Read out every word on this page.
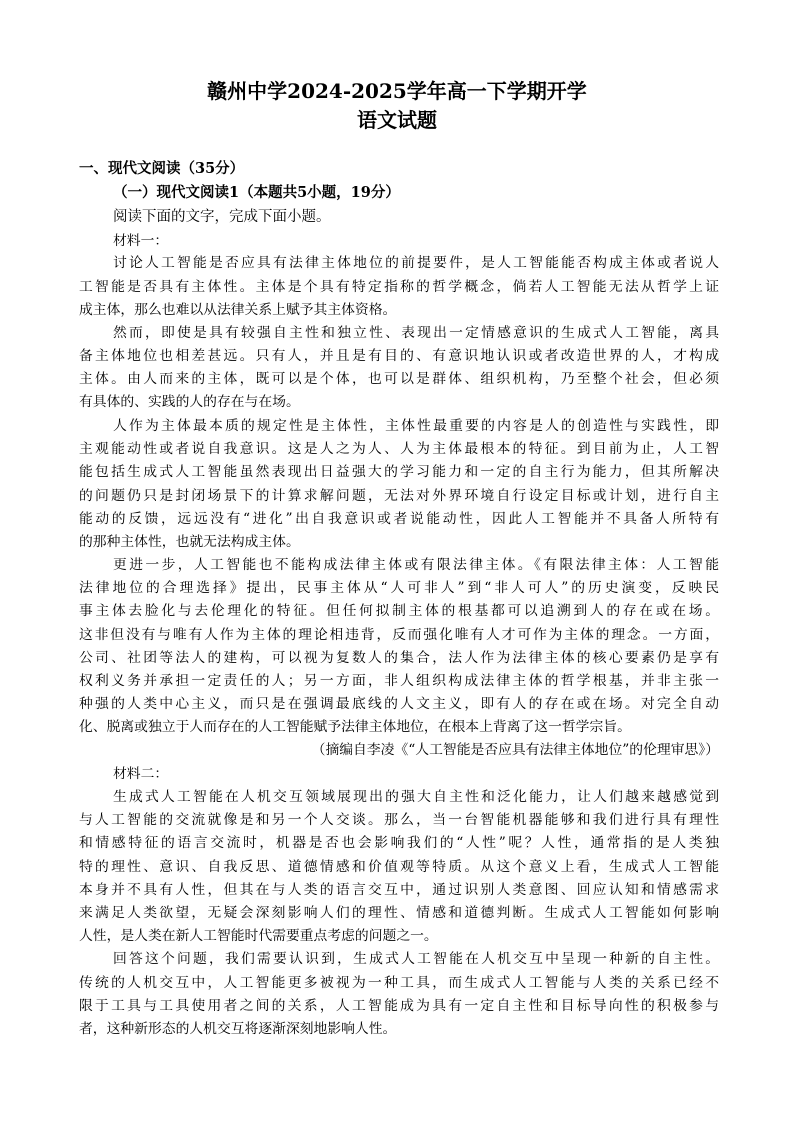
赣州中学2024-2025学年高一下学期开学
语文试题
一、现代文阅读（35分）
（一）现代文阅读1（本题共5小题，19分）
阅读下面的文字，完成下面小题。
材料一：
讨论人工智能是否应具有法律主体地位的前提要件，是人工智能能否构成主体或者说人
工智能是否具有主体性。主体是个具有特定指称的哲学概念，倘若人工智能无法从哲学上证
成主体，那么也难以从法律关系上赋予其主体资格。
然而，即使是具有较强自主性和独立性、表现出一定情感意识的生成式人工智能，离具
备主体地位也相差甚远。只有人，并且是有目的、有意识地认识或者改造世界的人，才构成
主体。由人而来的主体，既可以是个体，也可以是群体、组织机构，乃至整个社会，但必须
有具体的、实践的人的存在与在场。
人作为主体最本质的规定性是主体性，主体性最重要的内容是人的创造性与实践性，即
主观能动性或者说自我意识。这是人之为人、人为主体最根本的特征。到目前为止，人工智
能包括生成式人工智能虽然表现出日益强大的学习能力和一定的自主行为能力，但其所解决
的问题仍只是封闭场景下的计算求解问题，无法对外界环境自行设定目标或计划，进行自主
能动的反馈，远远没有“进化”出自我意识或者说能动性，因此人工智能并不具备人所特有
的那种主体性，也就无法构成主体。
更进一步，人工智能也不能构成法律主体或有限法律主体。《有限法律主体：人工智能
法律地位的合理选择》提出，民事主体从“人可非人”到“非人可人”的历史演变，反映民
事主体去脸化与去伦理化的特征。但任何拟制主体的根基都可以追溯到人的存在或在场。
这非但没有与唯有人作为主体的理论相违背，反而强化唯有人才可作为主体的理念。一方面，
公司、社团等法人的建构，可以视为复数人的集合，法人作为法律主体的核心要素仍是享有
权利义务并承担一定责任的人；另一方面，非人组织构成法律主体的哲学根基，并非主张一
种强的人类中心主义，而只是在强调最底线的人文主义，即有人的存在或在场。对完全自动
化、脱离或独立于人而存在的人工智能赋予法律主体地位，在根本上背离了这一哲学宗旨。
（摘编自李凌《“人工智能是否应具有法律主体地位”的伦理审思》）
材料二：
生成式人工智能在人机交互领域展现出的强大自主性和泛化能力，让人们越来越感觉到
与人工智能的交流就像是和另一个人交谈。那么，当一台智能机器能够和我们进行具有理性
和情感特征的语言交流时，机器是否也会影响我们的“人性”呢？人性，通常指的是人类独
特的理性、意识、自我反思、道德情感和价值观等特质。从这个意义上看，生成式人工智能
本身并不具有人性，但其在与人类的语言交互中，通过识别人类意图、回应认知和情感需求
来满足人类欲望，无疑会深刻影响人们的理性、情感和道德判断。生成式人工智能如何影响
人性，是人类在新人工智能时代需要重点考虑的问题之一。
回答这个问题，我们需要认识到，生成式人工智能在人机交互中呈现一种新的自主性。
传统的人机交互中，人工智能更多被视为一种工具，而生成式人工智能与人类的关系已经不
限于工具与工具使用者之间的关系，人工智能成为具有一定自主性和目标导向性的积极参与
者，这种新形态的人机交互将逐渐深刻地影响人性。
